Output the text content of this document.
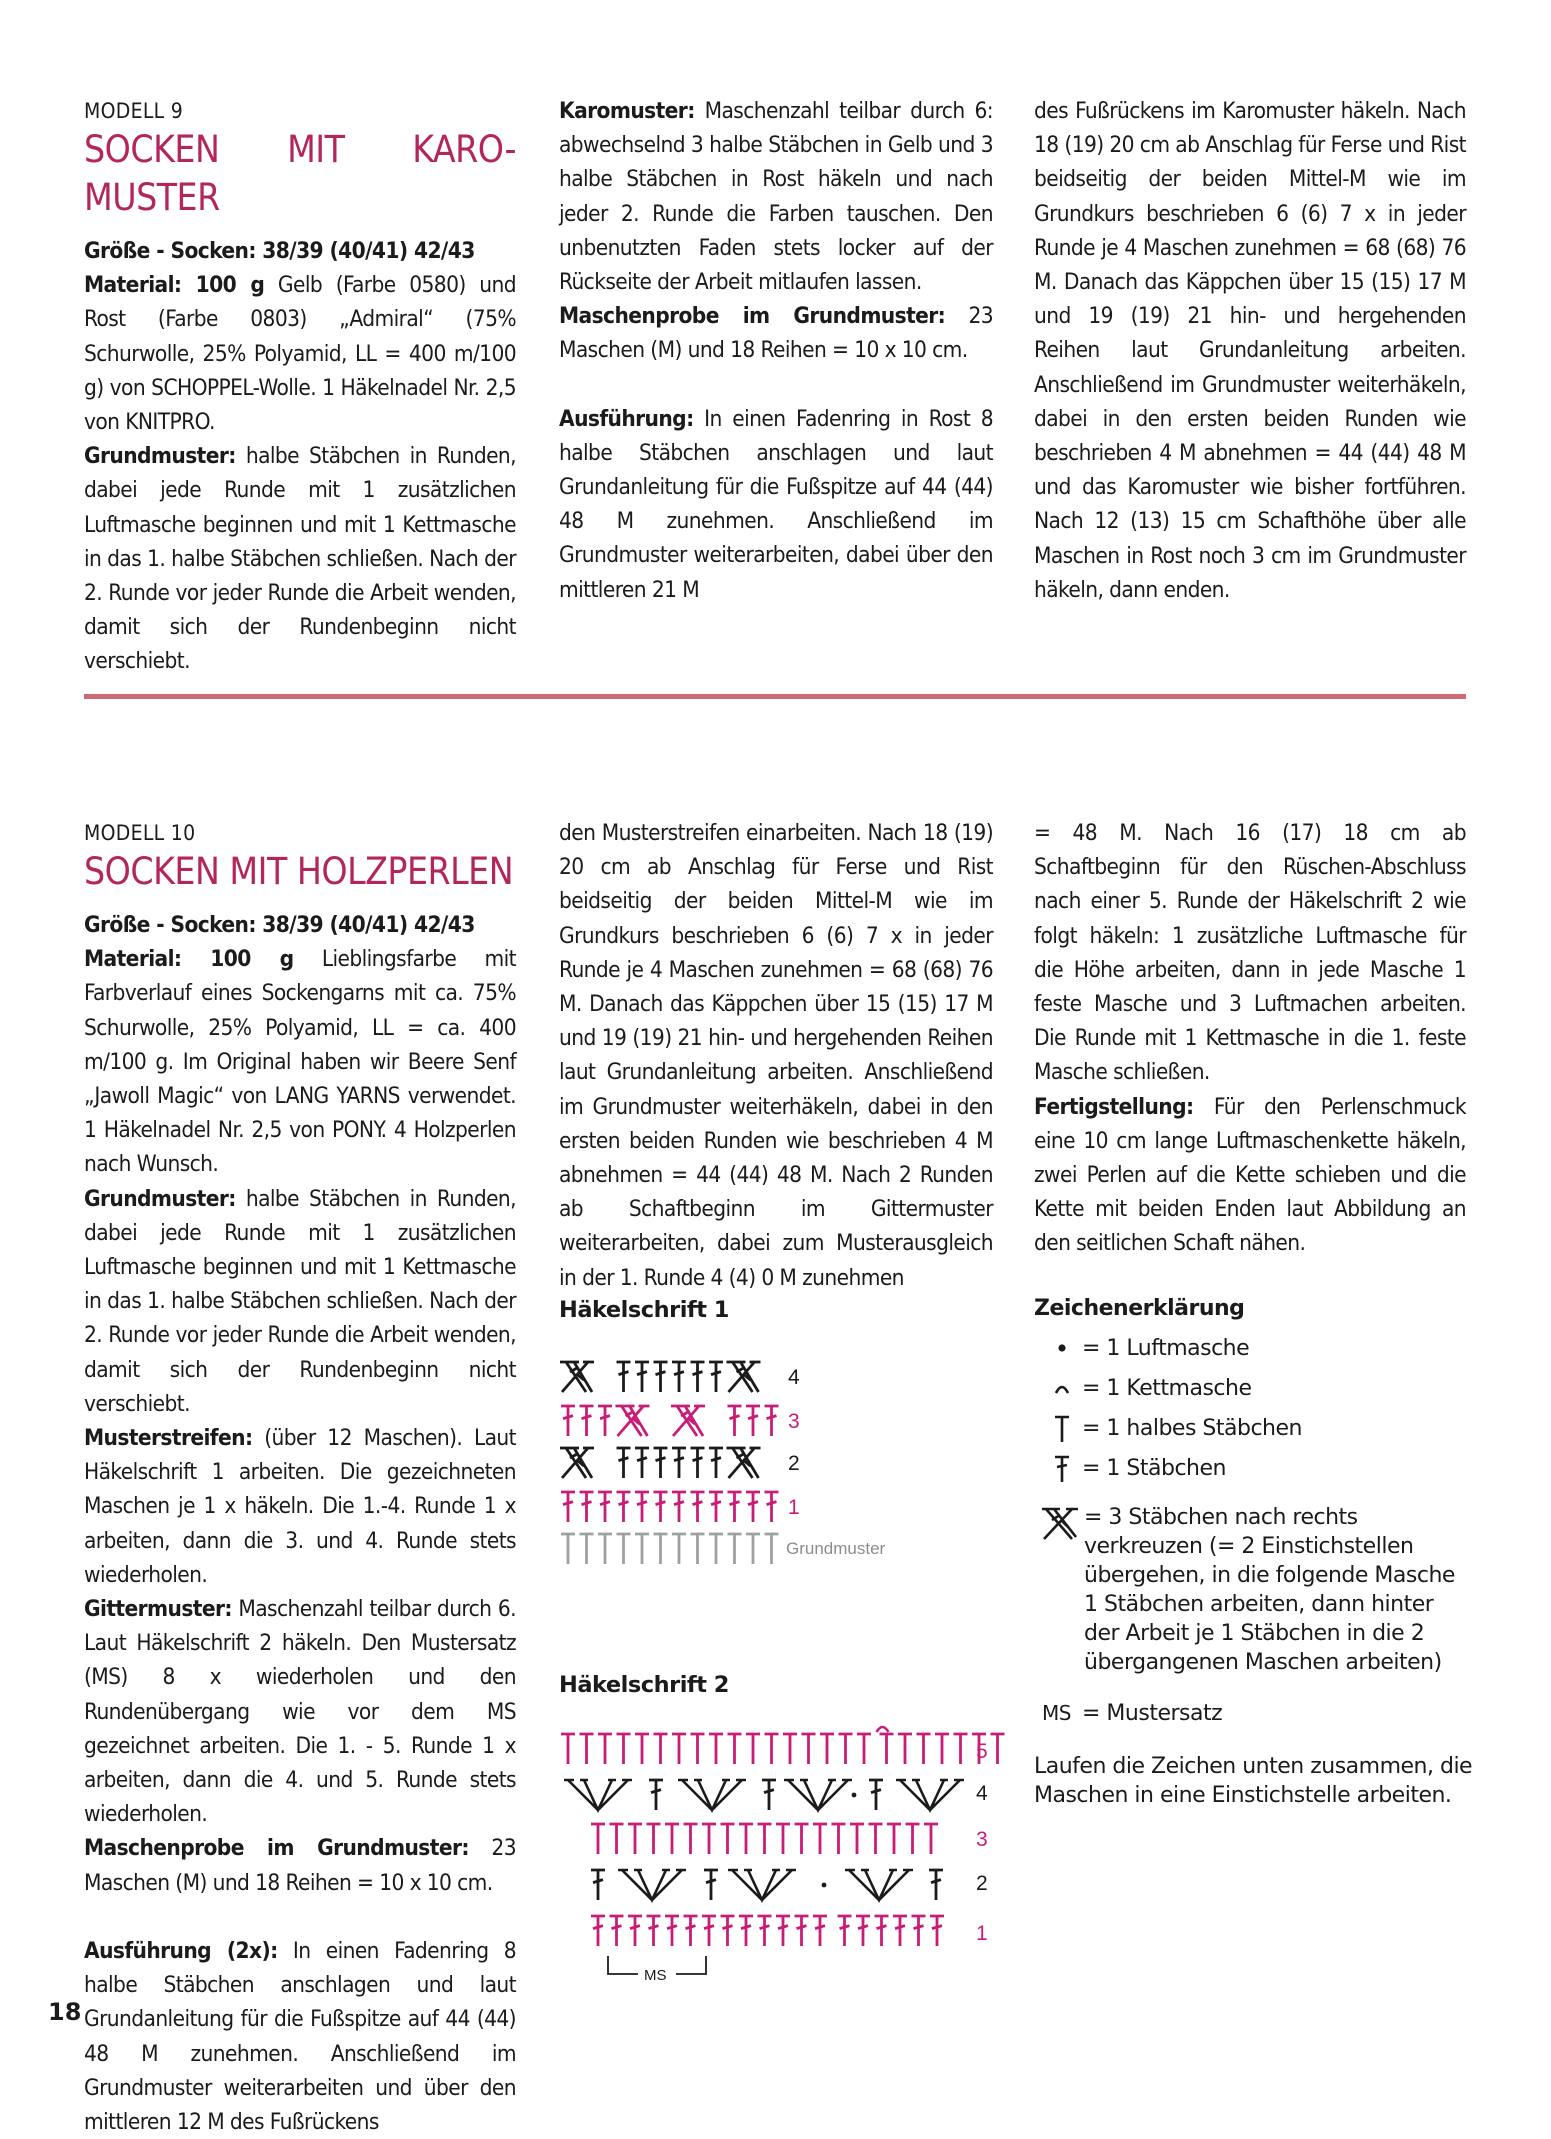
MODELL 9

SOCKEN MIT KARO-MUSTER

Größe - Socken: 38/39 (40/41) 42/43

Material: 100 g Gelb (Farbe 0580) und Rost (Farbe 0803) „Admiral“ (75% Schurwolle, 25% Polyamid, LL = 400 m/100 g) von SCHOPPEL-Wolle. 1 Häkelnadel Nr. 2,5 von KNITPRO.

Grundmuster: halbe Stäbchen in Runden, dabei jede Runde mit 1 zusätzlichen Luftmasche beginnen und mit 1 Kettmasche in das 1. halbe Stäbchen schließen. Nach der 2. Runde vor jeder Runde die Arbeit wenden, damit sich der Rundenbeginn nicht verschiebt.

Karomuster: Maschenzahl teilbar durch 6: abwechselnd 3 halbe Stäbchen in Gelb und 3 halbe Stäbchen in Rost häkeln und nach jeder 2. Runde die Farben tauschen. Den unbenutzten Faden stets locker auf der Rückseite der Arbeit mitlaufen lassen.

Maschenprobe im Grundmuster: 23 Maschen (M) und 18 Reihen = 10 x 10 cm.

Ausführung: In einen Fadenring in Rost 8 halbe Stäbchen anschlagen und laut Grundanleitung für die Fußspitze auf 44 (44) 48 M zunehmen. Anschließend im Grundmuster weiterarbeiten, dabei über den mittleren 21 M

des Fußrückens im Karomuster häkeln. Nach 18 (19) 20 cm ab Anschlag für Ferse und Rist beidseitig der beiden Mittel-M wie im Grundkurs beschrieben 6 (6) 7 x in jeder Runde je 4 Maschen zunehmen = 68 (68) 76 M. Danach das Käppchen über 15 (15) 17 M und 19 (19) 21 hin- und hergehenden Reihen laut Grundanleitung arbeiten. Anschließend im Grundmuster weiterhäkeln, dabei in den ersten beiden Runden wie beschrieben 4 M abnehmen = 44 (44) 48 M und das Karomuster wie bisher fortführen. Nach 12 (13) 15 cm Schafthöhe über alle Maschen in Rost noch 3 cm im Grundmuster häkeln, dann enden.

MODELL 10

SOCKEN MIT HOLZPERLEN

Größe - Socken: 38/39 (40/41) 42/43

Material: 100 g Lieblingsfarbe mit Farbverlauf eines Sockengarns mit ca. 75% Schurwolle, 25% Polyamid, LL = ca. 400 m/100 g. Im Original haben wir Beere Senf „Jawoll Magic“ von LANG YARNS verwendet. 1 Häkelnadel Nr. 2,5 von PONY. 4 Holzperlen nach Wunsch.

Grundmuster: halbe Stäbchen in Runden, dabei jede Runde mit 1 zusätzlichen Luftmasche beginnen und mit 1 Kettmasche in das 1. halbe Stäbchen schließen. Nach der 2. Runde vor jeder Runde die Arbeit wenden, damit sich der Rundenbeginn nicht verschiebt.

Musterstreifen: (über 12 Maschen). Laut Häkelschrift 1 arbeiten. Die gezeichneten Maschen je 1 x häkeln. Die 1.-4. Runde 1 x arbeiten, dann die 3. und 4. Runde stets wiederholen.

Gittermuster: Maschenzahl teilbar durch 6. Laut Häkelschrift 2 häkeln. Den Mustersatz (MS) 8 x wiederholen und den Rundenübergang wie vor dem MS gezeichnet arbeiten. Die 1. - 5. Runde 1 x arbeiten, dann die 4. und 5. Runde stets wiederholen.

Maschenprobe im Grundmuster: 23 Maschen (M) und 18 Reihen = 10 x 10 cm.

Ausführung (2x): In einen Fadenring 8 halbe Stäbchen anschlagen und laut Grundanleitung für die Fußspitze auf 44 (44) 48 M zunehmen. Anschließend im Grundmuster weiterarbeiten und über den mittleren 12 M des Fußrückens

den Musterstreifen einarbeiten. Nach 18 (19) 20 cm ab Anschlag für Ferse und Rist beidseitig der beiden Mittel-M wie im Grundkurs beschrieben 6 (6) 7 x in jeder Runde je 4 Maschen zunehmen = 68 (68) 76 M. Danach das Käppchen über 15 (15) 17 M und 19 (19) 21 hin- und hergehenden Reihen laut Grundanleitung arbeiten. Anschließend im Grundmuster weiterhäkeln, dabei in den ersten beiden Runden wie beschrieben 4 M abnehmen = 44 (44) 48 M. Nach 2 Runden ab Schaftbeginn im Gittermuster weiterarbeiten, dabei zum Musterausgleich in der 1. Runde 4 (4) 0 M zunehmen

= 48 M. Nach 16 (17) 18 cm ab Schaftbeginn für den Rüschen-Abschluss nach einer 5. Runde der Häkelschrift 2 wie folgt häkeln: 1 zusätzliche Luftmasche für die Höhe arbeiten, dann in jede Masche 1 feste Masche und 3 Luftmachen arbeiten. Die Runde mit 1 Kettmasche in die 1. feste Masche schließen.

Fertigstellung: Für den Perlenschmuck eine 10 cm lange Luftmaschenkette häkeln, zwei Perlen auf die Kette schieben und die Kette mit beiden Enden laut Abbildung an den seitlichen Schaft nähen.

Häkelschrift 1
4
3
2
1
Grundmuster
Häkelschrift 2
5
4
3
2
1
MS
Zeichenerklärung
= 1 Luftmasche
= 1 Kettmasche
= 1 halbes Stäbchen
= 1 Stäbchen
= 3 Stäbchen nach rechts verkreuzen (= 2 Einstichstellen übergehen, in die folgende Masche 1 Stäbchen arbeiten, dann hinter der Arbeit je 1 Stäbchen in die 2 übergangenen Maschen arbeiten)
MS = Mustersatz
Laufen die Zeichen unten zusammen, die Maschen in eine Einstichstelle arbeiten.
18
